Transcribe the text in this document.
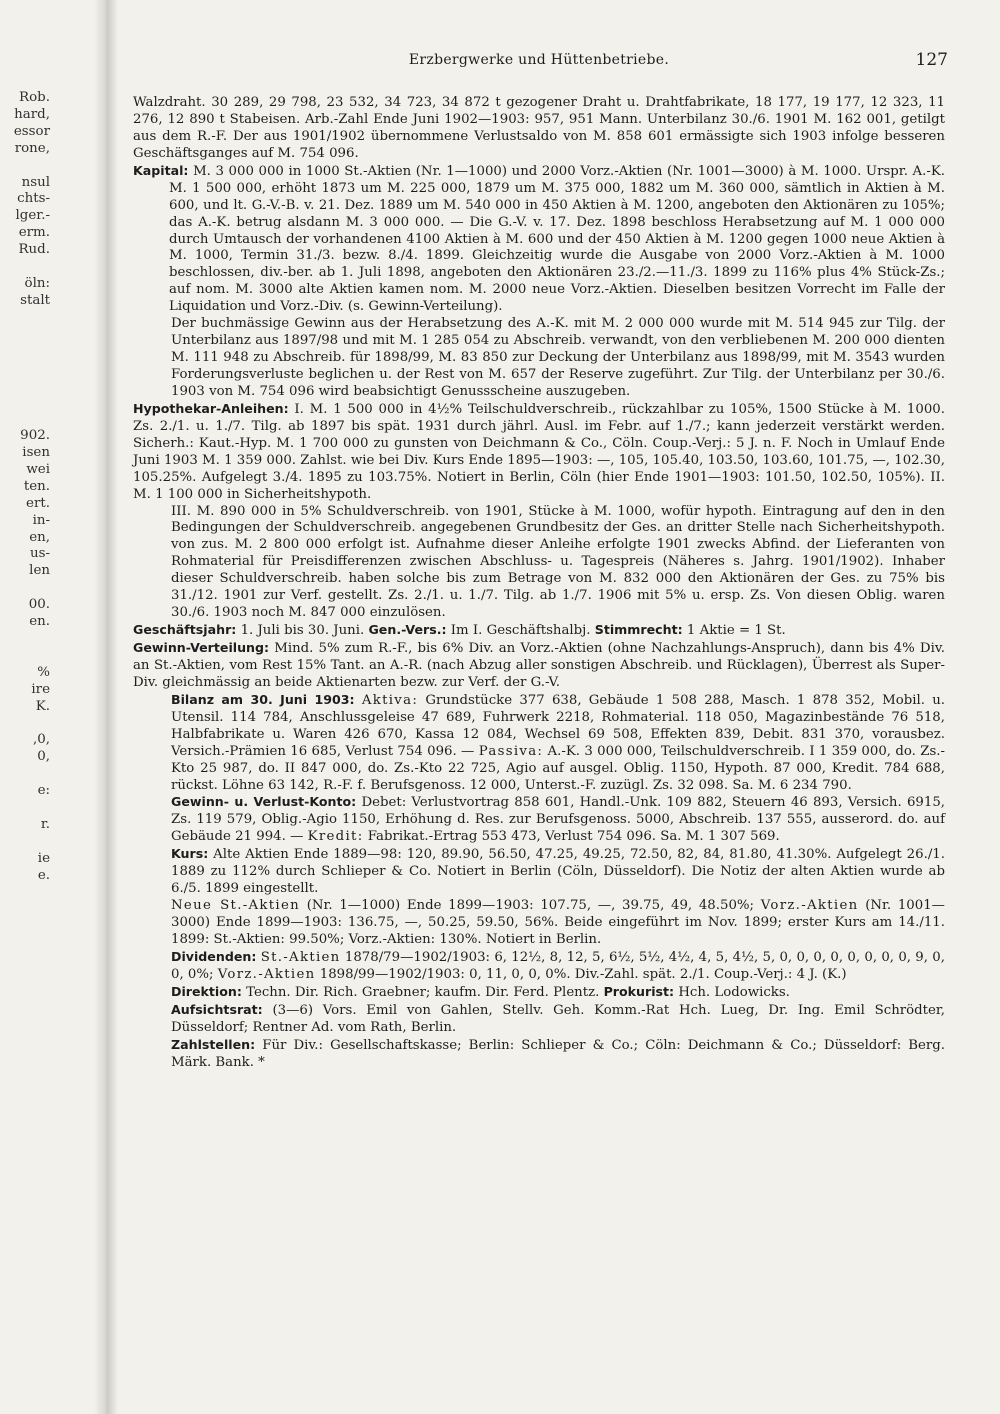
Rob.
hard,
essor
rone,

nsul
chts-
lger.-
erm.
Rud.

öln:
stalt

902.
isen
wei
ten.
ert.
in-
en,
us-
len

00.
en.

%
ire
K.

,0,
0,

e:

r.

ie
e.
Erzbergwerke und Hüttenbetriebe.	127

Walzdraht. 30 289, 29 798, 23 532, 34 723, 34 872 t gezogener Draht u. Drahtfabrikate, 18 177, 19 177, 12 323, 11 276, 12 890 t Stabeisen. Arb.-Zahl Ende Juni 1902—1903: 957, 951 Mann. Unterbilanz 30./6. 1901 M. 162 001, getilgt aus dem R.-F. Der aus 1901/1902 übernommene Verlustsaldo von M. 858 601 ermässigte sich 1903 infolge besseren Geschäftsganges auf M. 754 096.

Kapital: M. 3 000 000 in 1000 St.-Aktien (Nr. 1—1000) und 2000 Vorz.-Aktien (Nr. 1001—3000) à M. 1000. Urspr. A.-K. M. 1 500 000, erhöht 1873 um M. 225 000, 1879 um M. 375 000, 1882 um M. 360 000, sämtlich in Aktien à M. 600, und lt. G.-V.-B. v. 21. Dez. 1889 um M. 540 000 in 450 Aktien à M. 1200, angeboten den Aktionären zu 105%; das A.-K. betrug alsdann M. 3 000 000. — Die G.-V. v. 17. Dez. 1898 beschloss Herabsetzung auf M. 1 000 000 durch Umtausch der vorhandenen 4100 Aktien à M. 600 und der 450 Aktien à M. 1200 gegen 1000 neue Aktien à M. 1000, Termin 31./3. bezw. 8./4. 1899. Gleichzeitig wurde die Ausgabe von 2000 Vorz.-Aktien à M. 1000 beschlossen, div.-ber. ab 1. Juli 1898, angeboten den Aktionären 23./2.—11./3. 1899 zu 116% plus 4% Stück-Zs.; auf nom. M. 3000 alte Aktien kamen nom. M. 2000 neue Vorz.-Aktien. Dieselben besitzen Vorrecht im Falle der Liquidation und Vorz.-Div. (s. Gewinn-Verteilung).

Der buchmässige Gewinn aus der Herabsetzung des A.-K. mit M. 2 000 000 wurde mit M. 514 945 zur Tilg. der Unterbilanz aus 1897/98 und mit M. 1 285 054 zu Abschreib. verwandt, von den verbliebenen M. 200 000 dienten M. 111 948 zu Abschreib. für 1898/99, M. 83 850 zur Deckung der Unterbilanz aus 1898/99, mit M. 3543 wurden Forderungsverluste beglichen u. der Rest von M. 657 der Reserve zugeführt. Zur Tilg. der Unterbilanz per 30./6. 1903 von M. 754 096 wird beabsichtigt Genussscheine auszugeben.

Hypothekar-Anleihen: I. M. 1 500 000 in 4½% Teilschuldverschreib., rückzahlbar zu 105%, 1500 Stücke à M. 1000. Zs. 2./1. u. 1./7. Tilg. ab 1897 bis spät. 1931 durch jährl. Ausl. im Febr. auf 1./7.; kann jederzeit verstärkt werden. Sicherh.: Kaut.-Hyp. M. 1 700 000 zu gunsten von Deichmann & Co., Cöln. Coup.-Verj.: 5 J. n. F. Noch in Umlauf Ende Juni 1903 M. 1 359 000. Zahlst. wie bei Div. Kurs Ende 1895—1903: —, 105, 105.40, 103.50, 103.60, 101.75, —, 102.30, 105.25%. Aufgelegt 3./4. 1895 zu 103.75%. Notiert in Berlin, Cöln (hier Ende 1901—1903: 101.50, 102.50, 105%). II. M. 1 100 000 in Sicherheitshypoth.

III. M. 890 000 in 5% Schuldverschreib. von 1901, Stücke à M. 1000, wofür hypoth. Eintragung auf den in den Bedingungen der Schuldverschreib. angegebenen Grundbesitz der Ges. an dritter Stelle nach Sicherheitshypoth. von zus. M. 2 800 000 erfolgt ist. Aufnahme dieser Anleihe erfolgte 1901 zwecks Abfind. der Lieferanten von Rohmaterial für Preisdifferenzen zwischen Abschluss- u. Tagespreis (Näheres s. Jahrg. 1901/1902). Inhaber dieser Schuldverschreib. haben solche bis zum Betrage von M. 832 000 den Aktionären der Ges. zu 75% bis 31./12. 1901 zur Verf. gestellt. Zs. 2./1. u. 1./7. Tilg. ab 1./7. 1906 mit 5% u. ersp. Zs. Von diesen Oblig. waren 30./6. 1903 noch M. 847 000 einzulösen.

Geschäftsjahr: 1. Juli bis 30. Juni. Gen.-Vers.: Im I. Geschäftshalbj. Stimmrecht: 1 Aktie = 1 St.

Gewinn-Verteilung: Mind. 5% zum R.-F., bis 6% Div. an Vorz.-Aktien (ohne Nachzahlungs-Anspruch), dann bis 4% Div. an St.-Aktien, vom Rest 15% Tant. an A.-R. (nach Abzug aller sonstigen Abschreib. und Rücklagen), Überrest als Super-Div. gleichmässig an beide Aktienarten bezw. zur Verf. der G.-V.

Bilanz am 30. Juni 1903: Aktiva: Grundstücke 377 638, Gebäude 1 508 288, Masch. 1 878 352, Mobil. u. Utensil. 114 784, Anschlussgeleise 47 689, Fuhrwerk 2218, Rohmaterial. 118 050, Magazinbestände 76 518, Halbfabrikate u. Waren 426 670, Kassa 12 084, Wechsel 69 508, Effekten 839, Debit. 831 370, vorausbez. Versich.-Prämien 16 685, Verlust 754 096. — Passiva: A.-K. 3 000 000, Teilschuldverschreib. I 1 359 000, do. Zs.-Kto 25 987, do. II 847 000, do. Zs.-Kto 22 725, Agio auf ausgel. Oblig. 1150, Hypoth. 87 000, Kredit. 784 688, rückst. Löhne 63 142, R.-F. f. Berufsgenoss. 12 000, Unterst.-F. zuzügl. Zs. 32 098. Sa. M. 6 234 790.

Gewinn- u. Verlust-Konto: Debet: Verlustvortrag 858 601, Handl.-Unk. 109 882, Steuern 46 893, Versich. 6915, Zs. 119 579, Oblig.-Agio 1150, Erhöhung d. Res. zur Berufsgenoss. 5000, Abschreib. 137 555, ausserord. do. auf Gebäude 21 994. — Kredit: Fabrikat.-Ertrag 553 473, Verlust 754 096. Sa. M. 1 307 569.

Kurs: Alte Aktien Ende 1889—98: 120, 89.90, 56.50, 47.25, 49.25, 72.50, 82, 84, 81.80, 41.30%. Aufgelegt 26./1. 1889 zu 112% durch Schlieper & Co. Notiert in Berlin (Cöln, Düsseldorf). Die Notiz der alten Aktien wurde ab 6./5. 1899 eingestellt.

Neue St.-Aktien (Nr. 1—1000) Ende 1899—1903: 107.75, —, 39.75, 49, 48.50%; Vorz.-Aktien (Nr. 1001—3000) Ende 1899—1903: 136.75, —, 50.25, 59.50, 56%. Beide eingeführt im Nov. 1899; erster Kurs am 14./11. 1899: St.-Aktien: 99.50%; Vorz.-Aktien: 130%. Notiert in Berlin.

Dividenden: St.-Aktien 1878/79—1902/1903: 6, 12½, 8, 12, 5, 6½, 5½, 4½, 4, 5, 4½, 5, 0, 0, 0, 0, 0, 0, 0, 0, 9, 0, 0, 0%; Vorz.-Aktien 1898/99—1902/1903: 0, 11, 0, 0, 0%. Div.-Zahl. spät. 2./1. Coup.-Verj.: 4 J. (K.)

Direktion: Techn. Dir. Rich. Graebner; kaufm. Dir. Ferd. Plentz. Prokurist: Hch. Lodowicks.

Aufsichtsrat: (3—6) Vors. Emil von Gahlen, Stellv. Geh. Komm.-Rat Hch. Lueg, Dr. Ing. Emil Schrödter, Düsseldorf; Rentner Ad. vom Rath, Berlin.

Zahlstellen: Für Div.: Gesellschaftskasse; Berlin: Schlieper & Co.; Cöln: Deichmann & Co.; Düsseldorf: Berg. Märk. Bank. *
